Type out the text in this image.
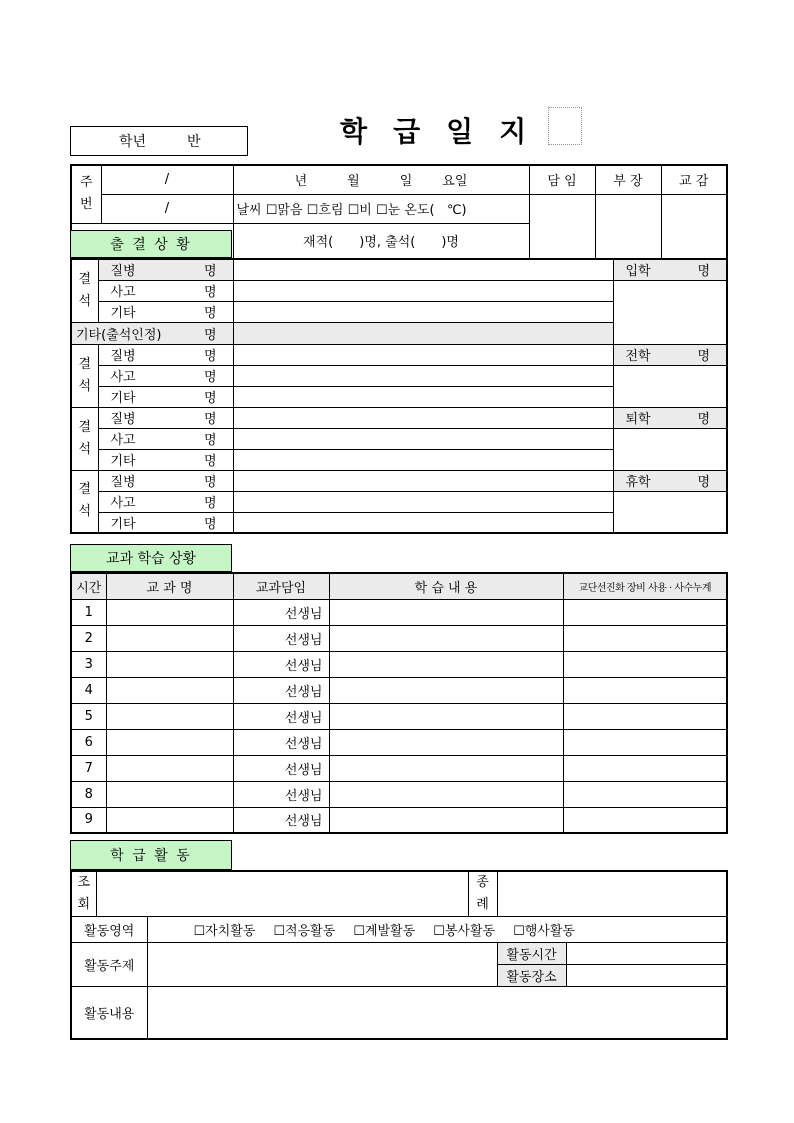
학 급 일 지
학년	반
주
번	/	년 월 일 요일	담 임	부 장	교 감
	/	날씨 ☐맑음 ☐흐림 ☐비 ☐눈 온도( ℃)			
		재적(　　)명, 출석(　　)명			
출 결 상 황
결
석	질병 명		입학 명

	사고 명		

	기타 명		

기타(출석인정) 명			

결
석	질병 명		전학 명

	사고 명		

	기타 명		

결
석	질병 명		퇴학 명

	사고 명		

	기타 명		

결
석	질병 명		휴학 명

	사고 명		

	기타 명		

교과 학습 상황
시간	교 과 명	교과담임	학 습 내 용	교단선진화 장비 사용 · 사수누계
1		선생님		
2		선생님		
3		선생님		
4		선생님		
5		선생님		
6		선생님		
7		선생님		
8		선생님		
9		선생님		
학 급 활 동
조
회			종
례		
활동영역		☐자치활동 ☐적응활동 ☐계발활동 ☐봉사활동 ☐행사활동			
활동주제				활동시간	
				활동장소	
활동내용					
